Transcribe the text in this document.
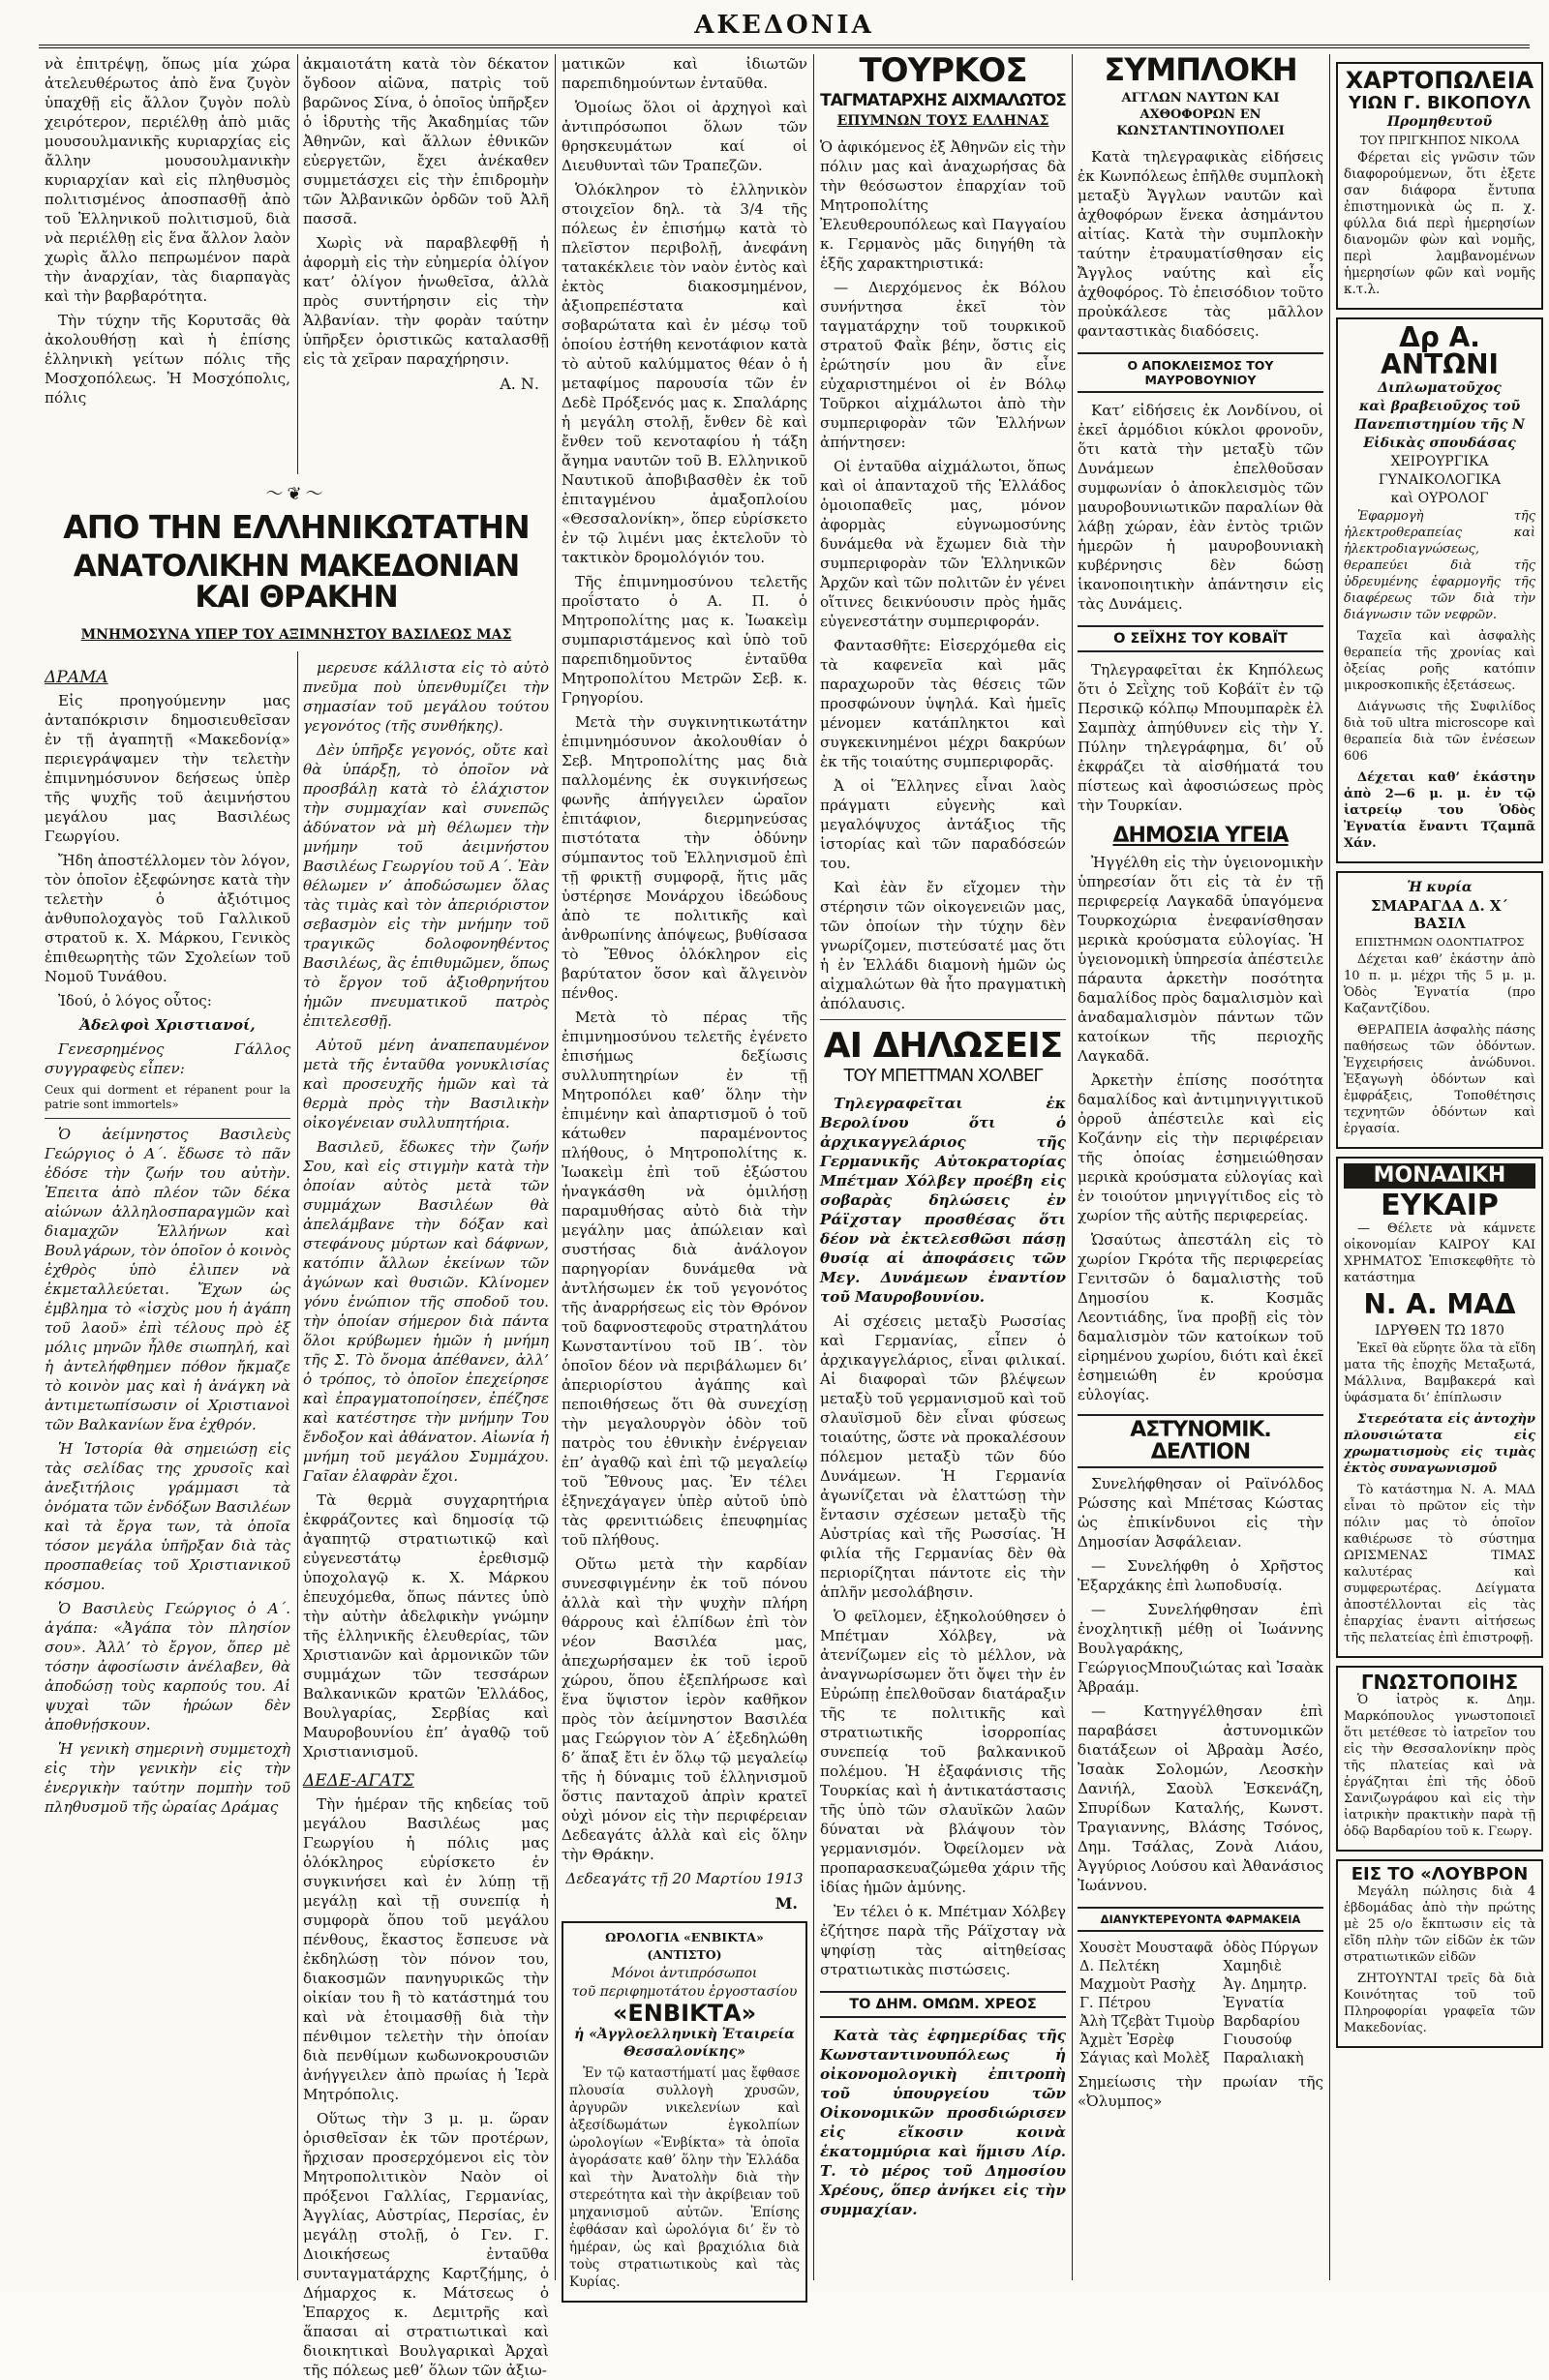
ΑΚΕΔΟΝΙΑ

νὰ ἐπιτρέψῃ, ὅπως μία χώρα ἀτελευθέρωτος ἀπὸ ἔνα ζυγὸν ὑπαχθῇ εἰς ἄλλον ζυγὸν πολὺ χειρότερον, περιέλθῃ ἀπὸ μιᾶς μουσουλμανικῆς κυριαρχίας εἰς ἄλλην μουσουλμανικὴν κυριαρχίαν καὶ εἰς πληθυσμὸς πολιτισμένος ἀποσπασθῇ ἀπὸ τοῦ Ἑλληνικοῦ πολιτισμοῦ, διὰ νὰ περιέλθῃ εἰς ἕνα ἄλλον λαὸν χωρὶς ἄλλο πεπρωμένον παρὰ τὴν ἀναρχίαν, τὰς διαρπαγὰς καὶ τὴν βαρβαρότητα.

Τὴν τύχην τῆς Κορυτσᾶς θὰ ἀκολουθήσῃ καὶ ἡ ἐπίσης ἑλληνικὴ γείτων πόλις τῆς Μοσχοπόλεως. Ἡ Μοσχόπολις, πόλις

〜❦〜
ΑΠΟ ΤΗΝ ΕΛΛΗΝΙΚΩΤΑΤΗΝ
ΑΝΑΤΟΛΙΚΗΝ ΜΑΚΕΔΟΝΙΑΝ ΚΑΙ ΘΡΑΚΗΝ
ΜΝΗΜΟΣΥΝΑ ΥΠΕΡ ΤΟΥ ΑΞΙΜΝΗΣΤΟΥ ΒΑΣΙΛΕΩΣ ΜΑΣ

ἀκμαιοτάτη κατὰ τὸν δέκατον ὄγδοον αἰῶνα, πατρὶς τοῦ βαρῶνος Σίνα, ὁ ὁποῖος ὑπῆρξεν ὁ ἱδρυτὴς τῆς Ἀκαδημίας τῶν Ἀθηνῶν, καὶ ἄλλων ἐθνικῶν εὐεργετῶν, ἔχει ἀνέκαθεν συμμετάσχει εἰς τὴν ἐπιδρομὴν τῶν Ἀλβανικῶν ὀρδῶν τοῦ Ἀλῆ πασσᾶ.

Χωρὶς νὰ παραβλεφθῇ ἡ ἀφορμὴ εἰς τὴν εὐημερία ὀλίγον κατ’ ὀλίγον ἡνωθεῖσα, ἀλλὰ πρὸς συντήρησιν εἰς τὴν Ἀλβανίαν. τὴν φορὰν ταύτην ὑπῆρξεν ὀριστικῶς καταλασθῇ εἰς τὰ χεῖραν παραχήρησιν.

Α. Ν.

ΔΡΑΜΑ

Εἰς προηγούμενην μας ἀνταπόκρισιν δημοσιευθεῖσαν ἐν τῇ ἀγαπητῇ «Μακεδονίᾳ» περιεγράψαμεν τὴν τελετὴν ἐπιμνημόσυνον δεήσεως ὑπὲρ τῆς ψυχῆς τοῦ ἀειμνήστου μεγάλου μας Βασιλέως Γεωργίου.

Ἤδη ἀποστέλλομεν τὸν λόγον, τὸν ὁποῖον ἐξεφώνησε κατὰ τὴν τελετὴν ὁ ἀξιότιμος ἀνθυπολοχαγὸς τοῦ Γαλλικοῦ στρατοῦ κ. Χ. Μάρκου, Γενικὸς ἐπιθεωρητὴς τῶν Σχολείων τοῦ Νομοῦ Τυνάθου.

Ἰδού, ὁ λόγος οὗτος:

Ἀδελφοὶ Χριστιανοί,

Γενεσρημένος Γάλλος συγγραφεὺς εἶπεν:

Ceux qui dorment et répanent pour la patrie sont immortels»

Ὁ ἀείμνηστος Βασιλεὺς Γεώργιος ὁ Α΄. ἔδωσε τὸ πᾶν ἐδόσε τὴν ζωήν του αὐτὴν. Ἐπειτα ἀπὸ πλέον τῶν δέκα αἰώνων ἀλληλοσπαραγμῶν καὶ διαμαχῶν Ἑλλήνων καὶ Βουλγάρων, τὸν ὁποῖον ὁ κοινὸς ἐχθρὸς ὑπὸ ἐλιπεν νὰ ἐκμεταλλεύεται. Ἔχων ὡς ἐμβλημα τὸ «ἰσχὺς μου ἡ ἀγάπη τοῦ λαοῦ» ἐπὶ τέλους πρὸ ἑξ μόλις μηνῶν ἦλθε σιωπηλή, καὶ ἡ ἀντελήφθημεν πόθον ἤκμαζε τὸ κοινὸν μας καὶ ἡ ἀνάγκη νὰ ἀντιμετωπίσωσιν οἱ Χριστιανοὶ τῶν Βαλκανίων ἕνα ἐχθρόν.

Ἡ Ἱστορία θὰ σημειώσῃ εἰς τὰς σελίδας της χρυσοῖς καὶ ἀνεξιτήλοις γράμμασι τὰ ὀνόματα τῶν ἐνδόξων Βασιλέων καὶ τὰ ἔργα των, τὰ ὁποῖα τόσον μεγάλα ὑπῆρξαν διὰ τὰς προσπαθείας τοῦ Χριστιανικοῦ κόσμου.

Ὁ Βασιλεὺς Γεώργιος ὁ Α΄. ἀγάπα: «Ἀγάπα τὸν πλησίον σου». Ἀλλ’ τὸ ἔργον, ὅπερ μὲ τόσην ἀφοσίωσιν ἀνέλαβεν, θὰ ἀποδώσῃ τοὺς καρπούς του. Αἱ ψυχαὶ τῶν ἡρώων δὲν ἀποθνῄσκουν.

Ἡ γενικὴ σημερινὴ συμμετοχὴ εἰς τὴν γενικὴν εἰς τὴν ἐνεργικὴν ταύτην πομπὴν τοῦ πληθυσμοῦ τῆς ὡραίας Δράμας

μερευσε κάλλιστα εἰς τὸ αὐτὸ πνεῦμα ποὺ ὑπενθυμίζει τὴν σημασίαν τοῦ μεγάλου τούτου γεγονότος (τῆς συνθήκης).

Δὲν ὑπῆρξε γεγονός, οὔτε καὶ θὰ ὑπάρξῃ, τὸ ὁποῖον νὰ προσβάλῃ κατὰ τὸ ἐλάχιστον τὴν συμμαχίαν καὶ συνεπῶς ἀδύνατον νὰ μὴ θέλωμεν τὴν μνήμην τοῦ ἀειμνήστου Βασιλέως Γεωργίου τοῦ Α΄. Ἐὰν θέλωμεν ν’ ἀποδώσωμεν ὅλας τὰς τιμὰς καὶ τὸν ἀπεριόριστον σεβασμὸν εἰς τὴν μνήμην τοῦ τραγικῶς δολοφονηθέντος Βασιλέως, ἂς ἐπιθυμῶμεν, ὅπως τὸ ἔργον τοῦ ἀξιοθρηνήτου ἡμῶν πνευματικοῦ πατρὸς ἐπιτελεσθῇ.

Αὐτοῦ μένη ἀναπεπαυμένον μετὰ τῆς ἐνταῦθα γονυκλισίας καὶ προσευχῆς ἡμῶν καὶ τὰ θερμὰ πρὸς τὴν Βασιλικὴν οἰκογένειαν συλλυπητήρια.

Βασιλεῦ, ἔδωκες τὴν ζωήν Σου, καὶ εἰς στιγμὴν κατὰ τὴν ὁποίαν αὐτὸς μετὰ τῶν συμμάχων Βασιλέων θὰ ἀπελάμβανε τὴν δόξαν καὶ στεφάνους μύρτων καὶ δάφνων, κατόπιν ἄλλων ἐκείνων τῶν ἀγώνων καὶ θυσιῶν. Κλίνομεν γόνυ ἐνώπιον τῆς σποδοῦ του. τὴν ὁποίαν σήμερον διὰ πάντα ὅλοι κρύβωμεν ἡμῶν ἡ μνήμη τῆς Σ. Τὸ ὄνομα ἀπέθανεν, ἀλλ’ ὁ τρόπος, τὸ ὁποῖον ἐπεχείρησε καὶ ἐπραγματοποίησεν, ἐπέζησε καὶ κατέστησε τὴν μνήμην Του ἔνδοξον καὶ ἀθάνατον. Αἰωνία ἡ μνήμη τοῦ μεγάλου Συμμάχου. Γαῖαν ἐλαφρὰν ἔχοι.

Τὰ θερμὰ συγχαρητήρια ἐκφράζοντες καὶ δημοσίᾳ τῷ ἀγαπητῷ στρατιωτικῷ καὶ εὐγενεστάτῳ ἐρεθισμῷ ὑποχολαγῷ κ. Χ. Μάρκου ἐπευχόμεθα, ὅπως πάντες ὑπὸ τὴν αὐτὴν ἀδελφικὴν γνώμην τῆς ἑλληνικῆς ἐλευθερίας, τῶν Χριστιανῶν καὶ ἀρμονικῶν τῶν συμμάχων τῶν τεσσάρων Βαλκανικῶν κρατῶν Ἑλλάδος, Βουλγαρίας, Σερβίας καὶ Μαυροβουνίου ἐπ’ ἀγαθῷ τοῦ Χριστιανισμοῦ.

ΔΕΔΕ-ΑΓΑΤΣ

Τὴν ἡμέραν τῆς κηδείας τοῦ μεγάλου Βασιλέως μας Γεωργίου ἡ πόλις μας ὁλόκληρος εὑρίσκετο ἐν συγκινήσει καὶ ἐν λύπῃ τῇ μεγάλῃ καὶ τῇ συνεπίᾳ ἡ συμφορὰ ὅπου τοῦ μεγάλου πένθους, ἔκαστος ἔσπευσε νὰ ἐκδηλώσῃ τὸν πόνον του, διακοσμῶν πανηγυρικῶς τὴν οἰκίαν του ἢ τὸ κατάστημά του καὶ νὰ ἑτοιμασθῇ διὰ τὴν πένθιμον τελετὴν τὴν ὁποίαν διὰ πενθίμων κωδωνοκρουσιῶν ἀνήγγειλεν ἀπὸ πρωίας ἡ Ἱερὰ Μητρόπολις.

Οὕτως τὴν 3 μ. μ. ὥραν ὁρισθεῖσαν ἐκ τῶν προτέρων, ἤρχισαν προσερχόμενοι εἰς τὸν Μητροπολιτικὸν Ναὸν οἱ πρόξενοι Γαλλίας, Γερμανίας, Ἀγγλίας, Αὐστρίας, Περσίας, ἐν μεγάλῃ στολῇ, ὁ Γεν. Γ. Διοικήσεως ἐνταῦθα συνταγματάρχης Καρτζήμης, ὁ Δήμαρχος κ. Μάτσεως ὁ Ἐπαρχος κ. Δεμιτρῆς καὶ ἅπασαι αἱ στρατιωτικαὶ καὶ διοικητικαὶ Βουλγαρικαὶ Ἀρχαὶ τῆς πόλεως μεθ’ ὅλων τῶν ἀξιω-

ματικῶν καὶ ἰδιωτῶν παρεπιδημούντων ἐνταῦθα.

Ὁμοίως ὅλοι οἱ ἀρχηγοὶ καὶ ἀντιπρόσωποι ὅλων τῶν θρησκευμάτων καί οἱ Διευθυνταὶ τῶν Τραπεζῶν.

Ὁλόκληρον τὸ ἑλληνικὸν στοιχεῖον δηλ. τὰ 3/4 τῆς πόλεως ἐν ἐπισήμῳ κατὰ τὸ πλεῖστον περιβολῇ, ἀνεφάνη τατακέκλειε τὸν ναὸν ἐντὸς καὶ ἐκτὸς διακοσμημένον, ἀξιοπρεπέστατα καὶ σοβαρώτατα καὶ ἐν μέσῳ τοῦ ὁποίου ἐστήθη κενοτάφιον κατὰ τὸ αὐτοῦ καλύμματος θέαν ὁ ἡ μεταφίμος παρουσία τῶν ἐν Δεδὲ Πρόξενός μας κ. Σπαλάρης ἡ μεγάλη στολῇ, ἔνθεν δὲ καὶ ἔνθεν τοῦ κενοταφίου ἡ τάξη ἄγημα ναυτῶν τοῦ Β. Ελληνικοῦ Ναυτικοῦ ἀποβιβασθὲν ἐκ τοῦ ἐπιταγμένου ἀμαξοπλοίου «Θεσσαλονίκη», ὅπερ εὑρίσκετο ἐν τῷ λιμένι μας ἐκτελοῦν τὸ τακτικὸν δρομολόγιόν του.

Τῆς ἐπιμνημοσύνου τελετῆς προΐστατο ὁ Α. Π. ὁ Μητροπολίτης μας κ. Ἰωακεὶμ συμπαριστάμενος καὶ ὑπὸ τοῦ παρεπιδημοῦντος ἐνταῦθα Μητροπολίτου Μετρῶν Σεβ. κ. Γρηγορίου.

Μετὰ τὴν συγκινητικωτάτην ἐπιμνημόσυνον ἀκολουθίαν ὁ Σεβ. Μητροπολίτης μας διὰ παλλομένης ἐκ συγκινήσεως φωνῆς ἀπήγγειλεν ὡραῖον ἐπιτάφιον, διερμηνεύσας πιστότατα τὴν ὀδύνην σύμπαντος τοῦ Ἑλληνισμοῦ ἐπὶ τῇ φρικτῇ συμφορᾷ, ἥτις μᾶς ὑστέρησε Μονάρχου ἰδεώδους ἀπὸ τε πολιτικῆς καὶ ἀνθρωπίνης ἀπόψεως, βυθίσασα τὸ Ἔθνος ὁλόκληρον εἰς βαρύτατον ὅσον καὶ ἄλγεινὸν πένθος.

Μετὰ τὸ πέρας τῆς ἐπιμνημοσύνου τελετῆς ἐγένετο ἐπισήμως δεξίωσις συλλυπητηρίων ἐν τῇ Μητροπόλει καθ’ ὅλην τὴν ἐπιμένην καὶ ἀπαρτισμοῦ ὁ τοῦ κάτωθεν παραμένοντος πλήθους, ὁ Μητροπολίτης κ. Ἰωακεὶμ ἐπὶ τοῦ ἐξώστου ἠναγκάσθη νὰ ὁμιλήσῃ παραμυθήσας αὐτὸ διὰ τὴν μεγάλην μας ἀπώλειαν καὶ συστήσας διὰ ἀνάλογον παρηγορίαν δυνάμεθα νὰ ἀντλήσωμεν ἐκ τοῦ γεγονότος τῆς ἀναρρήσεως εἰς τὸν Θρόνον τοῦ δαφνοστεφοῦς στρατηλάτου Κωνσταντίνου τοῦ ΙΒ΄. τὸν ὁποῖον δέον νὰ περιβάλωμεν δι’ ἀπεριορίστου ἀγάπης καὶ πεποιθήσεως ὅτι θὰ συνεχίσῃ τὴν μεγαλουργὸν ὁδὸν τοῦ πατρὸς του ἐθνικὴν ἐνέργειαν ἐπ’ ἀγαθῷ καὶ ἐπὶ τῷ μεγαλείῳ τοῦ Ἔθνους μας. Ἐν τέλει ἐξηνεχάγαγεν ὑπὲρ αὐτοῦ ὑπὸ τὰς φρενιτιώδεις ἐπευφημίας τοῦ πλήθους.

Οὕτω μετὰ τὴν καρδίαν συνεσφιγμένην ἐκ τοῦ πόνου ἀλλὰ καὶ τὴν ψυχὴν πλήρη θάρρους καὶ ἐλπίδων ἐπὶ τὸν νέον Βασιλέα μας, ἀπεχωρήσαμεν ἐκ τοῦ ἱεροῦ χώρου, ὅπου ἐξεπλήρωσε καὶ ἕνα ὕψιστον ἱερὸν καθῆκον πρὸς τὸν ἀείμνηστον Βασιλέα μας Γεώργιον τὸν Α΄ ἐξεδηλώθη δ’ ἅπαξ ἔτι ἐν ὅλῳ τῷ μεγαλείῳ τῆς ἡ δύναμις τοῦ ἑλληνισμοῦ ὅστις πανταχοῦ ἀπρὶν κρατεῖ οὐχὶ μόνον εἰς τὴν περιφέρειαν Δεδεαγάτς ἀλλὰ καὶ εἰς ὅλην τὴν Θράκην.

Δεδεαγάτς τῇ 20 Μαρτίου 1913

Μ.

ΩΡΟΛΟΓΙΑ «ΕΝΒΙΚΤΑ» (ΑΝΤΙΣΤΟ)
Μόνοι ἀντιπρόσωποι
τοῦ περιφημοτάτου ἐργοστασίου
«ΕΝΒΙΚΤΑ»
ἡ «Ἀγγλοελληνικὴ Ἑταιρεία Θεσσαλονίκης»

Ἐν τῷ καταστήματί μας ἔφθασε πλουσία συλλογὴ χρυσῶν, ἀργυρῶν νικελενίων καὶ ἀξεσίδωμάτων ἐγκολπίων ὡρολογίων «Ἐνβίκτα» τὰ ὁποῖα ἀγοράσατε καθ’ ὅλην τὴν Ἑλλάδα καὶ τὴν Ἀνατολὴν διὰ τὴν στερεότητα καὶ τὴν ἀκρίβειαν τοῦ μηχανισμοῦ αὐτῶν. Ἐπίσης ἐφθάσαν καὶ ὡρολόγια δι’ ἕν τὸ ἡμέραν, ὡς καὶ βραχιόλια διὰ τοὺς στρατιωτικοὺς καὶ τὰς Κυρίας.

ΤΟΥΡΚΟΣ
ΤΑΓΜΑΤΑΡΧΗΣ ΑΙΧΜΑΛΩΤΟΣ
ΕΠΥΜΝΩΝ ΤΟΥΣ ΕΛΛΗΝΑΣ

Ὁ ἀφικόμενος ἐξ Ἀθηνῶν εἰς τὴν πόλιν μας καὶ ἀναχωρήσας δὰ τὴν θεόσωστον ἐπαρχίαν τοῦ Μητροπολίτης Ἐλευθερουπόλεως καὶ Παγγαίου κ. Γερμανὸς μᾶς διηγήθη τὰ ἑξῆς χαρακτηριστικά:

— Διερχόμενος ἐκ Βόλου συνήντησα ἐκεῖ τὸν ταγματάρχην τοῦ τουρκικοῦ στρατοῦ Φαῒκ βέην, ὅστις εἰς ἐρώτησίν μου ἂν εἶνε εὐχαριστημένοι οἱ ἐν Βόλῳ Τοῦρκοι αἰχμάλωτοι ἀπὸ τὴν συμπεριφορὰν τῶν Ἑλλήνων ἀπήντησεν:

Οἱ ἐνταῦθα αἰχμάλωτοι, ὅπως καὶ οἱ ἀπανταχοῦ τῆς Ἑλλάδος ὁμοιοπαθεῖς μας, μόνον ἀφορμὰς εὐγνωμοσύνης δυνάμεθα νὰ ἔχωμεν διὰ τὴν συμπεριφορὰν τῶν Ἑλληνικῶν Ἀρχῶν καὶ τῶν πολιτῶν ἐν γένει οἵτινες δεικνύουσιν πρὸς ἡμᾶς εὐγενεστάτην συμπεριφοράν.

Φαντασθῆτε: Εἰσερχόμεθα εἰς τὰ καφενεῖα καὶ μᾶς παραχωροῦν τὰς θέσεις τῶν προσφώνουν ὑψηλά. Καὶ ἡμεῖς μένομεν κατάπληκτοι καὶ συγκεκινημένοι μέχρι δακρύων ἐκ τῆς τοιαύτης συμπεριφορᾶς.

Ἀ οἱ Ἕλληνες εἶναι λαὸς πράγματι εὐγενὴς καὶ μεγαλόψυχος ἀντάξιος τῆς ἱστορίας καὶ τῶν παραδόσεών του.

Καὶ ἐὰν ἔν εἴχομεν τὴν στέρησιν τῶν οἰκογενειῶν μας, τῶν ὁποίων τὴν τύχην δὲν γνωρίζομεν, πιστεύσατέ μας ὅτι ἡ ἐν Ἑλλάδι διαμονὴ ἡμῶν ὡς αἰχμαλώτων θὰ ἦτο πραγματικὴ ἀπόλαυσις.

ΑΙ ΔΗΛΩΣΕΙΣ
ΤΟΥ ΜΠΕΤΤΜΑΝ ΧΟΛΒΕΓ

Τηλεγραφεῖται ἐκ Βερολίνου ὅτι ὁ ἀρχικαγγελάριος τῆς Γερμανικῆς Αὐτοκρατορίας Μπέτμαν Χόλβεγ προέβη εἰς σοβαρὰς δηλώσεις ἐν Ράϊχσταγ προσθέσας ὅτι δέον νὰ ἐκτελεσθῶσι πάσῃ θυσίᾳ αἱ ἀποφάσεις τῶν Μεγ. Δυνάμεων ἐναντίον τοῦ Μαυροβουνίου.

Αἱ σχέσεις μεταξὺ Ρωσσίας καὶ Γερμανίας, εἶπεν ὁ ἀρχικαγγελάριος, εἶναι φιλικαί. Αἱ διαφοραὶ τῶν βλέψεων μεταξὺ τοῦ γερμανισμοῦ καὶ τοῦ σλαυϊσμοῦ δὲν εἶναι φύσεως τοιαύτης, ὥστε νὰ προκαλέσουν πόλεμον μεταξὺ τῶν δύο Δυνάμεων. Ἡ Γερμανία ἀγωνίζεται νὰ ἐλαττώσῃ τὴν ἔντασιν σχέσεων μεταξὺ τῆς Αὐστρίας καὶ τῆς Ρωσσίας. Ἡ φιλία τῆς Γερμανίας δὲν θὰ περιορίζηται πάντοτε εἰς τὴν ἁπλῆν μεσολάβησιν.

Ὁ φεῖλομεν, ἐξηκολούθησεν ὁ Μπέτμαν Χόλβεγ, νὰ ἀτενίζωμεν εἰς τὸ μέλλον, νὰ ἀναγνωρίσωμεν ὅτι ὄψει τὴν ἐν Εὐρώπῃ ἐπελθοῦσαν διατάραξιν τῆς τε πολιτικῆς καὶ στρατιωτικῆς ἰσορροπίας συνεπείᾳ τοῦ βαλκανικοῦ πολέμου. Ἡ ἐξαφάνισις τῆς Τουρκίας καὶ ἡ ἀντικατάστασις τῆς ὑπὸ τῶν σλαυϊκῶν λαῶν δύναται νὰ βλάψουν τὸν γερμανισμόν. Ὀφείλομεν νὰ προπαρασκευαζώμεθα χάριν τῆς ἰδίας ἡμῶν ἀμύνης.

Ἐν τέλει ὁ κ. Μπέτμαν Χόλβεγ ἐζήτησε παρὰ τῆς Ράϊχσταγ νὰ ψηφίσῃ τὰς αἰτηθείσας στρατιωτικὰς πιστώσεις.

ΤΟ ΔΗΜ. ΟΜΩΜ. ΧΡΕΟΣ

Κατὰ τὰς ἐφημερίδας τῆς Κωνσταντινουπόλεως ἡ οἰκονομολογικὴ ἐπιτροπὴ τοῦ ὑπουργείου τῶν Οἰκονομικῶν προσδιώρισεν εἰς εἴκοσιν κοινὰ ἑκατομμύρια καὶ ἥμισυ Λίρ. Τ. τὸ μέρος τοῦ Δημοσίου Χρέους, ὅπερ ἀνήκει εἰς τὴν συμμαχίαν.

ΣΥΜΠΛΟΚΗ
ΑΓΓΛΩΝ ΝΑΥΤΩΝ ΚΑΙ ΑΧΘΟΦΟΡΩΝ ΕΝ ΚΩΝΣΤΑΝΤΙΝΟΥΠΟΛΕΙ

Κατὰ τηλεγραφικὰς εἰδήσεις ἐκ Κωνπόλεως ἐπῆλθε συμπλοκὴ μεταξὺ Ἄγγλων ναυτῶν καὶ ἀχθοφόρων ἕνεκα ἀσημάντου αἰτίας. Κατὰ τὴν συμπλοκὴν ταύτην ἐτραυματίσθησαν εἰς Ἄγγλος ναύτης καὶ εἷς ἀχθοφόρος. Τὸ ἐπεισόδιον τοῦτο προὐκάλεσε τὰς μᾶλλον φανταστικὰς διαδόσεις.

Ο ΑΠΟΚΛΕΙΣΜΟΣ ΤΟΥ ΜΑΥΡΟΒΟΥΝΙΟΥ

Κατ’ εἰδήσεις ἐκ Λονδίνου, οἱ ἐκεῖ ἁρμόδιοι κύκλοι φρονοῦν, ὅτι κατὰ τὴν μεταξὺ τῶν Δυνάμεων ἐπελθοῦσαν συμφωνίαν ὁ ἀποκλεισμὸς τῶν μαυροβουνιωτικῶν παραλίων θὰ λάβῃ χώραν, ἐὰν ἐντὸς τριῶν ἡμερῶν ἡ μαυροβουνιακὴ κυβέρνησις δὲν δώσῃ ἱκανοποιητικὴν ἀπάντησιν εἰς τὰς Δυνάμεις.

Ο ΣΕΪΧΗΣ ΤΟΥ ΚΟΒΑΪΤ

Τηλεγραφεῖται ἐκ Κηπόλεως ὅτι ὁ Σεῒχης τοῦ Κοβάϊτ ἐν τῷ Περσικῷ κόλπῳ Μπουμπαρὲκ ἐλ Σαμπὰχ ἀπηύθυνεν εἰς τὴν Υ. Πύλην τηλεγράφημα, δι’ οὗ ἐκφράζει τὰ αἰσθήματά του πίστεως καὶ ἀφοσιώσεως πρὸς τὴν Τουρκίαν.

ΔΗΜΟΣΙΑ ΥΓΕΙΑ

Ἠγγέλθη εἰς τὴν ὑγειονομικὴν ὑπηρεσίαν ὅτι εἰς τὰ ἐν τῇ περιφερείᾳ Λαγκαδᾶ ὑπαγόμενα Τουρκοχώρια ἐνεφανίσθησαν μερικὰ κρούσματα εὐλογίας. Ἡ ὑγειονομικὴ ὑπηρεσία ἀπέστειλε πάραυτα ἀρκετὴν ποσότητα δαμαλίδος πρὸς δαμαλισμὸν καὶ ἀναδαμαλισμὸν πάντων τῶν κατοίκων τῆς περιοχῆς Λαγκαδᾶ.

Ἀρκετὴν ἐπίσης ποσότητα δαμαλίδος καὶ ἀντιμηνιγγιτικοῦ ὀρροῦ ἀπέστειλε καὶ εἰς Κοζάνην εἰς τὴν περιφέρειαν τῆς ὁποίας ἐσημειώθησαν μερικὰ κρούσματα εὐλογίας καὶ ἐν τοιούτον μηνιγγίτιδος εἰς τὸ χωρίον τῆς αὐτῆς περιφερείας.

Ὡσαύτως ἀπεστάλη εἰς τὸ χωρίον Γκρότα τῆς περιφερείας Γενιτσῶν ὁ δαμαλιστὴς τοῦ Δημοσίου κ. Κοσμᾶς Λεοντιάδης, ἵνα προβῇ εἰς τὸν δαμαλισμὸν τῶν κατοίκων τοῦ εἰρημένου χωρίου, διότι καὶ ἐκεῖ ἐσημειώθη ἐν κρούσμα εὐλογίας.

ΑΣΤΥΝΟΜΙΚ. ΔΕΛΤΙΟΝ

Συνελήφθησαν οἱ Ραϊνόλδος Ρώσσης καὶ Μπέτσας Κώστας ὡς ἐπικίνδυνοι εἰς τὴν Δημοσίαν Ἀσφάλειαν.

— Συνελήφθη ὁ Χρῆστος Ἐξαρχάκης ἐπὶ λωποδυσίᾳ.

— Συνελήφθησαν ἐπὶ ἐνοχλητικῇ μέθῃ οἱ Ἰωάννης Βουλγαράκης, ΓεώργιοςΜπουζιώτας καὶ Ἰσαὰκ Ἀβραάμ.

— Κατηγγέλθησαν ἐπὶ παραβάσει ἀστυνομικῶν διατάξεων οἱ Ἀβραὰμ Ἀσέο, Ἰσαὰκ Σολομών, Λεοσκὴν Δανιήλ, Σαοὺλ Ἐσκενάζη, Σπυρίδων Καταλής, Κωνστ. Τραγιαννης, Βλάσης Τσόνος, Δημ. Τσάλας, Ζονὰ Λιάου, Ἀγγύριος Λούσου καὶ Ἀθανάσιος Ἰωάννου.

ΔΙΑΝΥΚΤΕΡΕΥΟΝΤΑ ΦΑΡΜΑΚΕΙΑ
Χουσὲτ Μουσταφᾶ	ὁδὸς Πύργων
Δ. Πελτέκη	Χαμηδιὲ
Μαχμοὺτ Ρασὴχ	Ἀγ. Δημητρ.
Γ. Πέτρου	Ἐγνατία
Ἀλὴ Τζεβὰτ Τιμοὺρ	Βαρδαρίου
Ἀχμὲτ Ἐσρὲφ	Γιουσούφ
Σάγιας καὶ Μολὲξ	Παραλιακὴ

Σημείωσις τὴν πρωίαν τῆς «Ὀλυμπος»

ΧΑΡΤΟΠΩΛΕΙΑ
ΥΙΩΝ Γ. ΒΙΚΟΠΟΥΛ
Προμηθευτοῦ
ΤΟΥ ΠΡΙΓΚΗΠΟΣ ΝΙΚΟΛΑ

Φέρεται εἰς γνῶσιν τῶν διαφορούμενων, ὅτι ἐξετε σαν διάφορα ἔντυπα ἐπιστημονικὰ ὡς π. χ. φύλλα διά περὶ ἡμερησίων διανομῶν φὼν καὶ νομῆς, περὶ λαμβανομένων ἡμερησίων φῶν καὶ νομῆς κ.τ.λ.

Δρ Α. ΑΝΤΩΝΙ
Διπλωματοῦχος
καὶ βραβειοῦχος τοῦ
Πανεπιστημίου τῆς Ν
Εἰδικὰς σπουδάσας
ΧΕΙΡΟΥΡΓΙΚΑ
ΓΥΝΑΙΚΟΛΟΓΙΚΑ
καὶ ΟΥΡΟΛΟΓ

Ἐφαρμογὴ τῆς ἠλεκτροθεραπείας καὶ ἠλεκτροδιαγνώσεως, θεραπεύει διὰ τῆς ὑδρευμένης ἐφαρμογῆς τῆς διαφέρεως τῶν διὰ τὴν διάγνωσιν τῶν νεφρῶν.

Ταχεῖα καὶ ἀσφαλὴς θεραπεία τῆς χρονίας καὶ ὀξείας ροῆς κατόπιν μικροσκοπικῆς ἐξετάσεως.

Διάγνωσις τῆς Συφιλίδος διὰ τοῦ ultra microscope καὶ θεραπεία διὰ τῶν ἐνέσεων 606

Δέχεται καθ’ ἑκάστην ἀπὸ 2—6 μ. μ. ἐν τῷ ἰατρείῳ του Ὁδὸς Ἐγνατία ἔναντι Τζαμπᾶ Χάν.

Ἡ κυρία
ΣΜΑΡΑΓΔΑ Δ. Χ΄ ΒΑΣΙΛ
ΕΠΙΣΤΗΜΩΝ ΟΔΟΝΤΙΑΤΡΟΣ

Δέχεται καθ’ ἑκάστην ἀπὸ 10 π. μ. μέχρι τῆς 5 μ. μ. Ὁδὸς Ἐγνατία (προ Καζαντζίδου.

ΘΕΡΑΠΕΙΑ ἀσφαλὴς πάσης παθήσεως τῶν ὀδόντων. Ἐγχειρήσεις ἀνώδυνοι. Ἐξαγωγὴ ὀδόντων καὶ ἐμφράξεις, Τοποθέτησις τεχνητῶν ὀδόντων καὶ ἐργασία.

ΜΟΝΑΔΙΚΗ
ΕΥΚΑΙΡ

— Θέλετε νὰ κάμνετε οἰκονομίαν ΚΑΙΡΟΥ ΚΑΙ ΧΡΗΜΑΤΟΣ Ἐπισκεφθῆτε τὸ κατάστημα

Ν. Α. ΜΑΔ
ΙΔΡΥΘΕΝ ΤΩ 1870

Ἐκεῖ θὰ εὕρητε ὅλα τὰ εἴδη ματα τῆς ἐποχῆς Μεταξωτά, Μάλλινα, Βαμβακερά καὶ ὑφάσματα δι’ ἐπίπλωσιν

Στερεότατα εἰς ἀντοχὴν πλουσιώτατα εἰς χρωματισμοὺς εἰς τιμὰς ἐκτὸς συναγωνισμοῦ

Τὸ κατάστημα Ν. Α. ΜΑΔ εἶναι τὸ πρῶτον εἰς τὴν πόλιν μας τὸ ὁποῖον καθιέρωσε τὸ σύστημα ΩΡΙΣΜΕΝΑΣ ΤΙΜΑΣ καλυτέρας καὶ συμφερωτέρας. Δείγματα ἀποστέλλονται εἰς τὰς ἐπαρχίας ἐναντι αἰτήσεως τῆς πελατείας ἐπὶ ἐπιστροφῇ.

ΓΝΩΣΤΟΠΟΙΗΣ

Ὁ ἰατρὸς κ. Δημ. Μαρκόπουλος γνωστοποιεῖ ὅτι μετέθεσε τὸ ἰατρεῖον του εἰς τὴν Θεσσαλονίκην πρὸς τῆς πλατείας καὶ νὰ ἐργάζηται ἐπὶ τῆς ὁδοῦ Σανιζωγράφου καὶ εἰς τὴν ἰατρικὴν πρακτικὴν παρὰ τῇ ὁδῷ Βαρδαρίου τοῦ κ. Γεωργ.

ΕΙΣ ΤΟ «ΛΟΥΒΡΟΝ

Μεγάλη πώλησις διὰ 4 ἑβδομάδας ἀπὸ τὴν πρώτης μὲ 25 ο/ο ἔκπτωσιν εἰς τὰ εἴδη πλὴν τῶν εἰδῶν ἐκ τῶν στρατιωτικῶν εἰδῶν

ΖΗΤΟΥΝΤΑΙ τρεῖς δὰ διὰ Κοινότητας τοῦ τοῦ Πληροφορίαι γραφεῖα τῶν Μακεδονίας.
